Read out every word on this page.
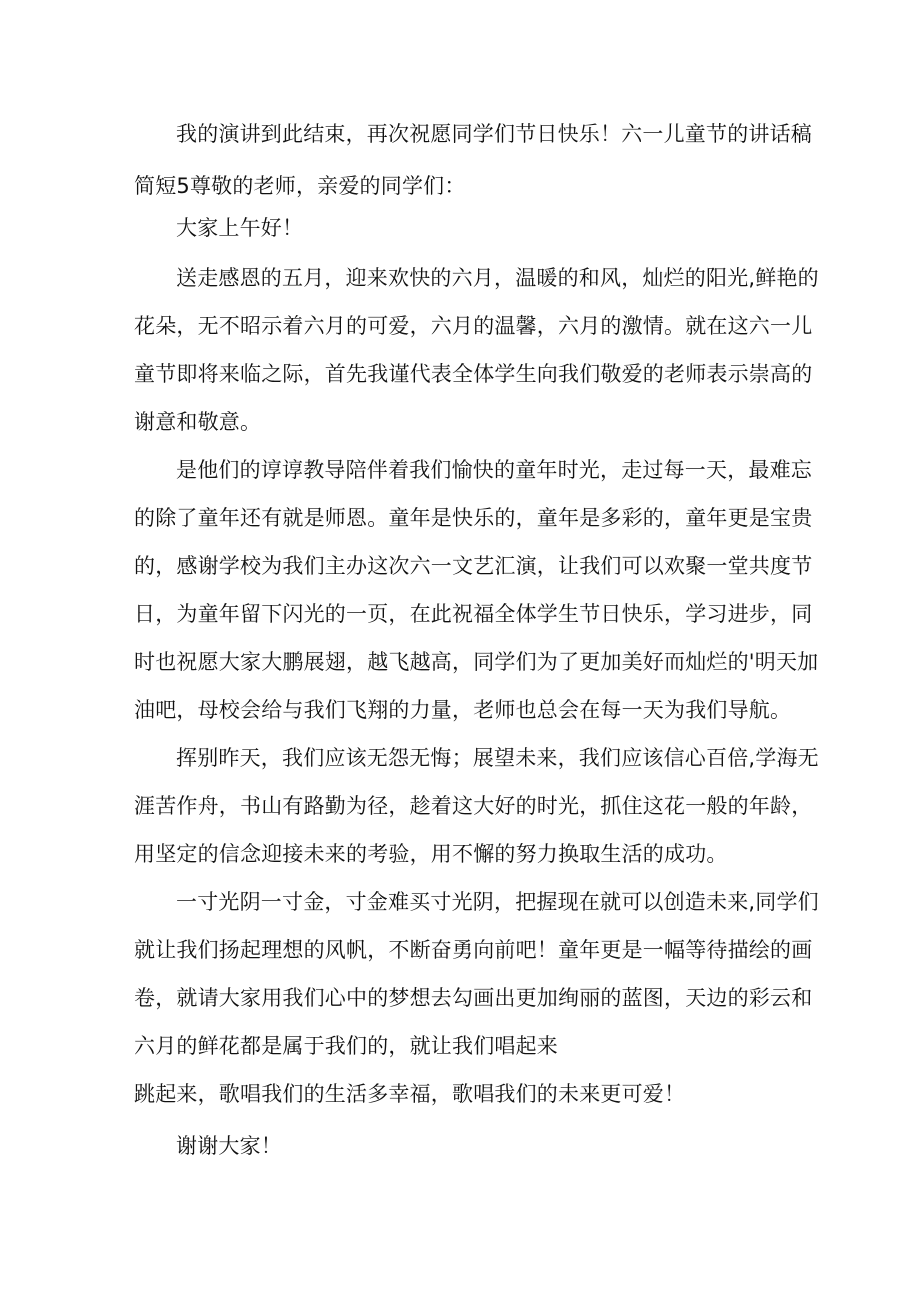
我的演讲到此结束，再次祝愿同学们节日快乐！六一儿童节的讲话稿
简短5尊敬的老师，亲爱的同学们：
大家上午好！
送走感恩的五月，迎来欢快的六月，温暖的和风，灿烂的阳光,鲜艳的
花朵，无不昭示着六月的可爱，六月的温馨，六月的激情。就在这六一儿
童节即将来临之际，首先我谨代表全体学生向我们敬爱的老师表示崇高的
谢意和敬意。
是他们的谆谆教导陪伴着我们愉快的童年时光，走过每一天，最难忘
的除了童年还有就是师恩。童年是快乐的，童年是多彩的，童年更是宝贵
的，感谢学校为我们主办这次六一文艺汇演，让我们可以欢聚一堂共度节
日，为童年留下闪光的一页，在此祝福全体学生节日快乐，学习进步，同
时也祝愿大家大鹏展翅，越飞越高，同学们为了更加美好而灿烂的'明天加
油吧，母校会给与我们飞翔的力量，老师也总会在每一天为我们导航。
挥别昨天，我们应该无怨无悔；展望未来，我们应该信心百倍,学海无
涯苦作舟，书山有路勤为径，趁着这大好的时光，抓住这花一般的年龄，
用坚定的信念迎接未来的考验，用不懈的努力换取生活的成功。
一寸光阴一寸金，寸金难买寸光阴，把握现在就可以创造未来,同学们
就让我们扬起理想的风帆，不断奋勇向前吧！童年更是一幅等待描绘的画
卷，就请大家用我们心中的梦想去勾画出更加绚丽的蓝图，天边的彩云和
六月的鲜花都是属于我们的，就让我们唱起来
跳起来，歌唱我们的生活多幸福，歌唱我们的未来更可爱！
谢谢大家！
